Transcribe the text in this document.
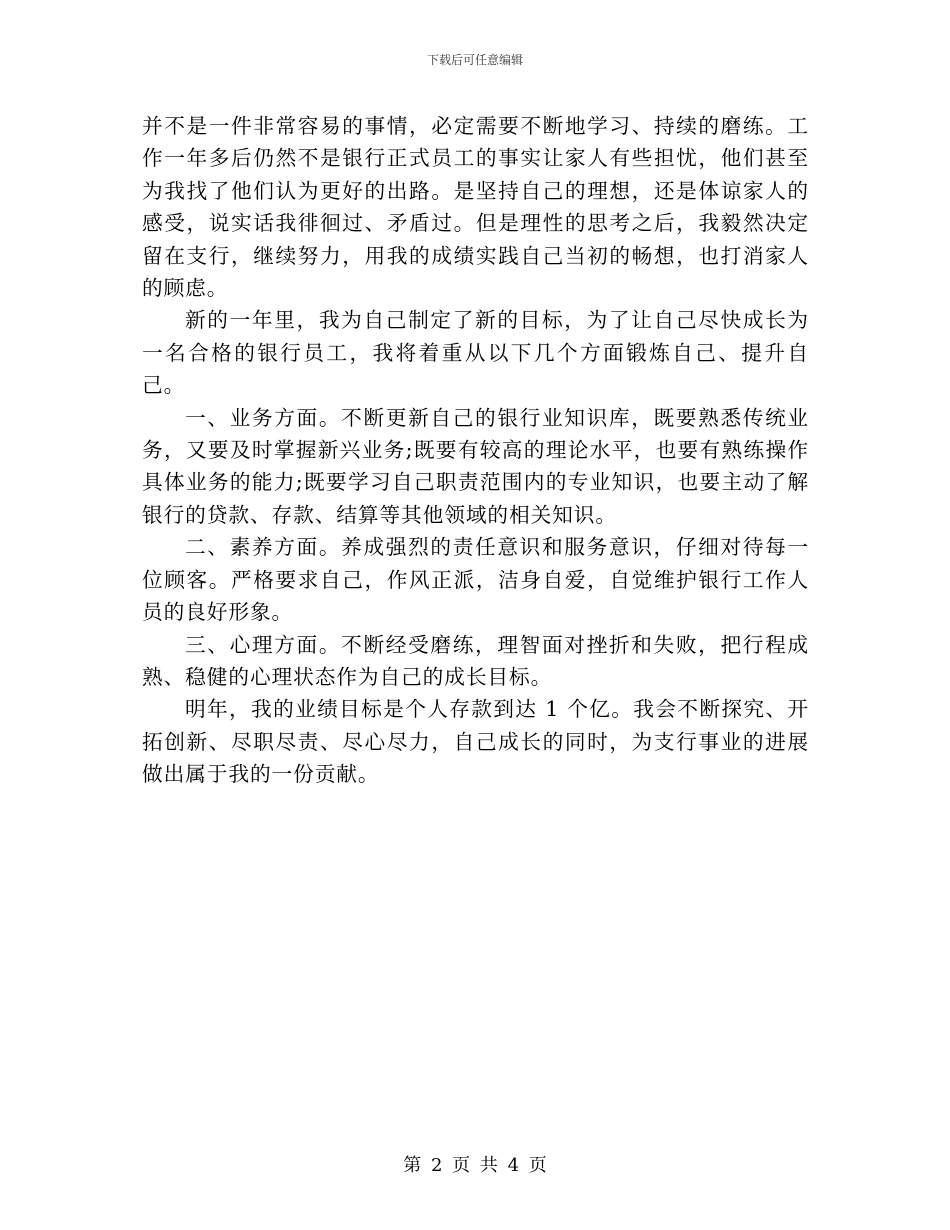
下载后可任意编辑

并不是一件非常容易的事情，必定需要不断地学习、持续的磨练。工作一年多后仍然不是银行正式员工的事实让家人有些担忧，他们甚至为我找了他们认为更好的出路。是坚持自己的理想，还是体谅家人的感受，说实话我徘徊过、矛盾过。但是理性的思考之后，我毅然决定留在支行，继续努力，用我的成绩实践自己当初的畅想，也打消家人的顾虑。

新的一年里，我为自己制定了新的目标，为了让自己尽快成长为一名合格的银行员工，我将着重从以下几个方面锻炼自己、提升自己。

一、业务方面。不断更新自己的银行业知识库，既要熟悉传统业务，又要及时掌握新兴业务;既要有较高的理论水平，也要有熟练操作具体业务的能力;既要学习自己职责范围内的专业知识，也要主动了解银行的贷款、存款、结算等其他领域的相关知识。

二、素养方面。养成强烈的责任意识和服务意识，仔细对待每一位顾客。严格要求自己，作风正派，洁身自爱，自觉维护银行工作人员的良好形象。

三、心理方面。不断经受磨练，理智面对挫折和失败，把行程成熟、稳健的心理状态作为自己的成长目标。

明年，我的业绩目标是个人存款到达 1 个亿。我会不断探究、开拓创新、尽职尽责、尽心尽力，自己成长的同时，为支行事业的进展做出属于我的一份贡献。

第 2 页 共 4 页
